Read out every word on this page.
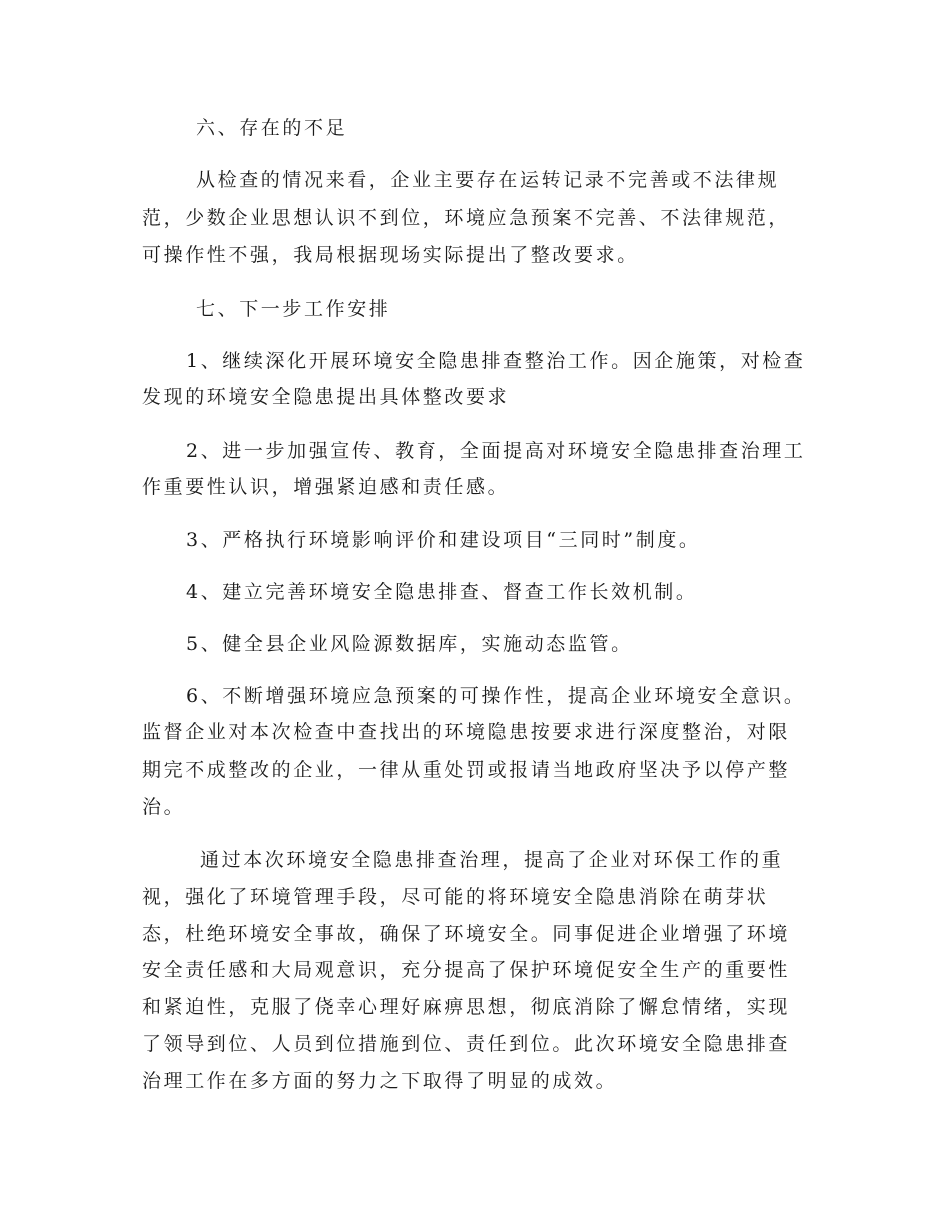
六、存在的不足

从检查的情况来看，企业主要存在运转记录不完善或不法律规

范，少数企业思想认识不到位，环境应急预案不完善、不法律规范，

可操作性不强，我局根据现场实际提出了整改要求。

七、下一步工作安排

1、继续深化开展环境安全隐患排查整治工作。因企施策，对检查

发现的环境安全隐患提出具体整改要求

2、进一步加强宣传、教育，全面提高对环境安全隐患排查治理工

作重要性认识，增强紧迫感和责任感。

3、严格执行环境影响评价和建设项目“三同时”制度。

4、建立完善环境安全隐患排查、督查工作长效机制。

5、健全县企业风险源数据库，实施动态监管。

6、不断增强环境应急预案的可操作性，提高企业环境安全意识。

监督企业对本次检查中查找出的环境隐患按要求进行深度整治，对限

期完不成整改的企业，一律从重处罚或报请当地政府坚决予以停产整

治。

通过本次环境安全隐患排查治理，提高了企业对环保工作的重

视，强化了环境管理手段，尽可能的将环境安全隐患消除在萌芽状

态，杜绝环境安全事故，确保了环境安全。同事促进企业增强了环境

安全责任感和大局观意识，充分提高了保护环境促安全生产的重要性

和紧迫性，克服了侥幸心理好麻痹思想，彻底消除了懈怠情绪，实现

了领导到位、人员到位措施到位、责任到位。此次环境安全隐患排查

治理工作在多方面的努力之下取得了明显的成效。
